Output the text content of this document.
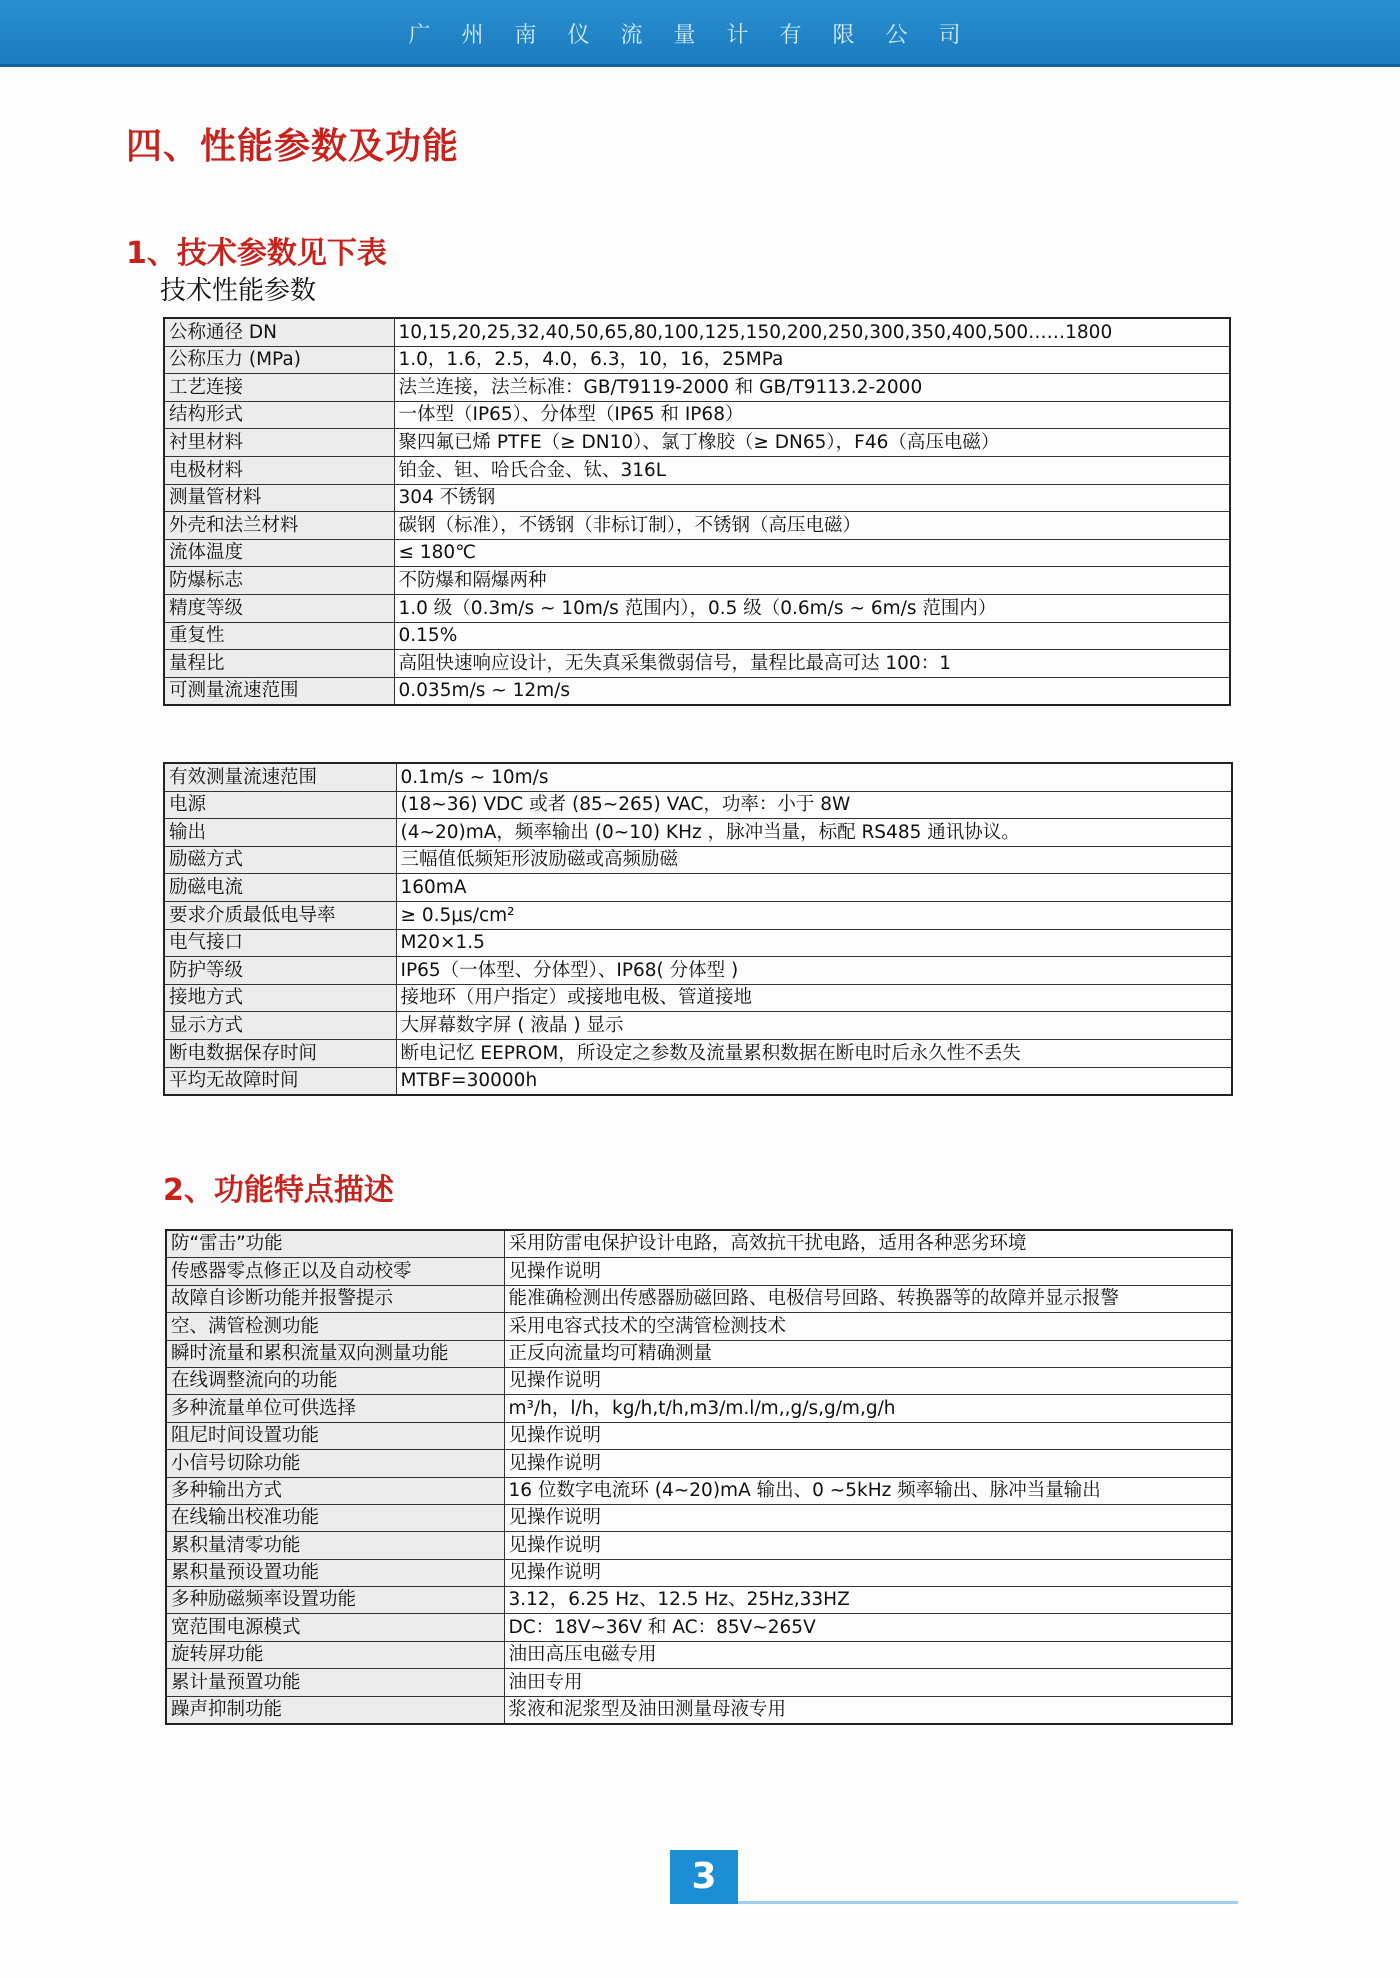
广州南仪流量计有限公司
四、性能参数及功能
1、技术参数见下表
技术性能参数
公称通径 DN	10,15,20,25,32,40,50,65,80,100,125,150,200,250,300,350,400,500……1800
公称压力 (MPa)	1.0，1.6，2.5，4.0，6.3，10，16，25MPa
工艺连接	法兰连接，法兰标准：GB/T9119-2000 和 GB/T9113.2-2000
结构形式	一体型（IP65）、分体型（IP65 和 IP68）
衬里材料	聚四氟已烯 PTFE（≥ DN10）、氯丁橡胶（≥ DN65），F46（高压电磁）
电极材料	铂金、钽、哈氏合金、钛、316L
测量管材料	304 不锈钢
外壳和法兰材料	碳钢（标准），不锈钢（非标订制），不锈钢（高压电磁）
流体温度	≤ 180℃
防爆标志	不防爆和隔爆两种
精度等级	1.0 级（0.3m/s ~ 10m/s 范围内），0.5 级（0.6m/s ~ 6m/s 范围内）
重复性	0.15%
量程比	高阻快速响应设计，无失真采集微弱信号，量程比最高可达 100：1
可测量流速范围	0.035m/s ~ 12m/s
有效测量流速范围	0.1m/s ~ 10m/s
电源	(18~36) VDC 或者 (85~265) VAC，功率：小于 8W
输出	(4~20)mA，频率输出 (0~10) KHz ，脉冲当量，标配 RS485 通讯协议。
励磁方式	三幅值低频矩形波励磁或高频励磁
励磁电流	160mA
要求介质最低电导率	≥ 0.5μs/cm²
电气接口	M20×1.5
防护等级	IP65（一体型、分体型）、IP68( 分体型 )
接地方式	接地环（用户指定）或接地电极、管道接地
显示方式	大屏幕数字屏 ( 液晶 ) 显示
断电数据保存时间	断电记忆 EEPROM，所设定之参数及流量累积数据在断电时后永久性不丢失
平均无故障时间	MTBF=30000h
2、功能特点描述
防“雷击”功能	采用防雷电保护设计电路，高效抗干扰电路，适用各种恶劣环境
传感器零点修正以及自动校零	见操作说明
故障自诊断功能并报警提示	能准确检测出传感器励磁回路、电极信号回路、转换器等的故障并显示报警
空、满管检测功能	采用电容式技术的空满管检测技术
瞬时流量和累积流量双向测量功能	正反向流量均可精确测量
在线调整流向的功能	见操作说明
多种流量单位可供选择	m³/h，l/h，kg/h,t/h,m3/m.l/m,,g/s,g/m,g/h
阻尼时间设置功能	见操作说明
小信号切除功能	见操作说明
多种输出方式	16 位数字电流环 (4~20)mA 输出、0 ~5kHz 频率输出、脉冲当量输出
在线输出校准功能	见操作说明
累积量清零功能	见操作说明
累积量预设置功能	见操作说明
多种励磁频率设置功能	3.12，6.25 Hz、12.5 Hz、25Hz,33HZ
宽范围电源模式	DC：18V~36V 和 AC：85V~265V
旋转屏功能	油田高压电磁专用
累计量预置功能	油田专用
躁声抑制功能	浆液和泥浆型及油田测量母液专用
3
